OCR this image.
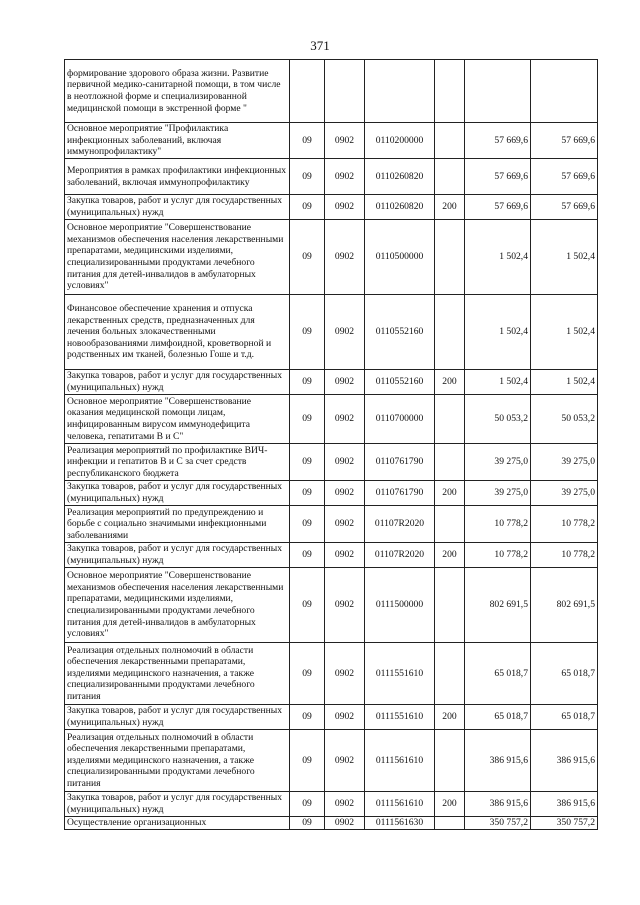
371
формирование здорового образа жизни. Развитие первичной медико-санитарной помощи, в том числе в неотложной форме и специализированной медицинской помощи в экстренной форме "						
Основное мероприятие "Профилактика инфекционных заболеваний, включая иммунопрофилактику"	09	0902	0110200000		57 669,6	57 669,6
Мероприятия в рамках профилактики инфекционных заболеваний, включая иммунопрофилактику	09	0902	0110260820		57 669,6	57 669,6
Закупка товаров, работ и услуг для государственных (муниципальных) нужд	09	0902	0110260820	200	57 669,6	57 669,6
Основное мероприятие "Совершенствование механизмов обеспечения населения лекарственными препаратами, медицинскими изделиями, специализированными продуктами лечебного питания для детей-инвалидов в амбулаторных условиях"	09	0902	0110500000		1 502,4	1 502,4
Финансовое обеспечение хранения и отпуска лекарственных средств, предназначенных для лечения больных злокачественными новообразованиями лимфоидной, кроветворной и родственных им тканей, болезнью Гоше и т.д.	09	0902	0110552160		1 502,4	1 502,4
Закупка товаров, работ и услуг для государственных (муниципальных) нужд	09	0902	0110552160	200	1 502,4	1 502,4
Основное мероприятие "Совершенствование оказания медицинской помощи лицам, инфицированным вирусом иммунодефицита человека, гепатитами В и С"	09	0902	0110700000		50 053,2	50 053,2
Реализация мероприятий по профилактике ВИЧ-инфекции и гепатитов В и С за счет средств республиканского бюджета	09	0902	0110761790		39 275,0	39 275,0
Закупка товаров, работ и услуг для государственных (муниципальных) нужд	09	0902	0110761790	200	39 275,0	39 275,0
Реализация мероприятий по предупреждению и борьбе с социально значимыми инфекционными заболеваниями	09	0902	01107R2020		10 778,2	10 778,2
Закупка товаров, работ и услуг для государственных (муниципальных) нужд	09	0902	01107R2020	200	10 778,2	10 778,2
Основное мероприятие "Совершенствование механизмов обеспечения населения лекарственными препаратами, медицинскими изделиями, специализированными продуктами лечебного питания для детей-инвалидов в амбулаторных условиях"	09	0902	0111500000		802 691,5	802 691,5
Реализация отдельных полномочий в области обеспечения лекарственными препаратами, изделиями медицинского назначения, а также специализированными продуктами лечебного питания	09	0902	0111551610		65 018,7	65 018,7
Закупка товаров, работ и услуг для государственных (муниципальных) нужд	09	0902	0111551610	200	65 018,7	65 018,7
Реализация отдельных полномочий в области обеспечения лекарственными препаратами, изделиями медицинского назначения, а также специализированными продуктами лечебного питания	09	0902	0111561610		386 915,6	386 915,6
Закупка товаров, работ и услуг для государственных (муниципальных) нужд	09	0902	0111561610	200	386 915,6	386 915,6
Осуществление организационных	09	0902	0111561630		350 757,2	350 757,2
